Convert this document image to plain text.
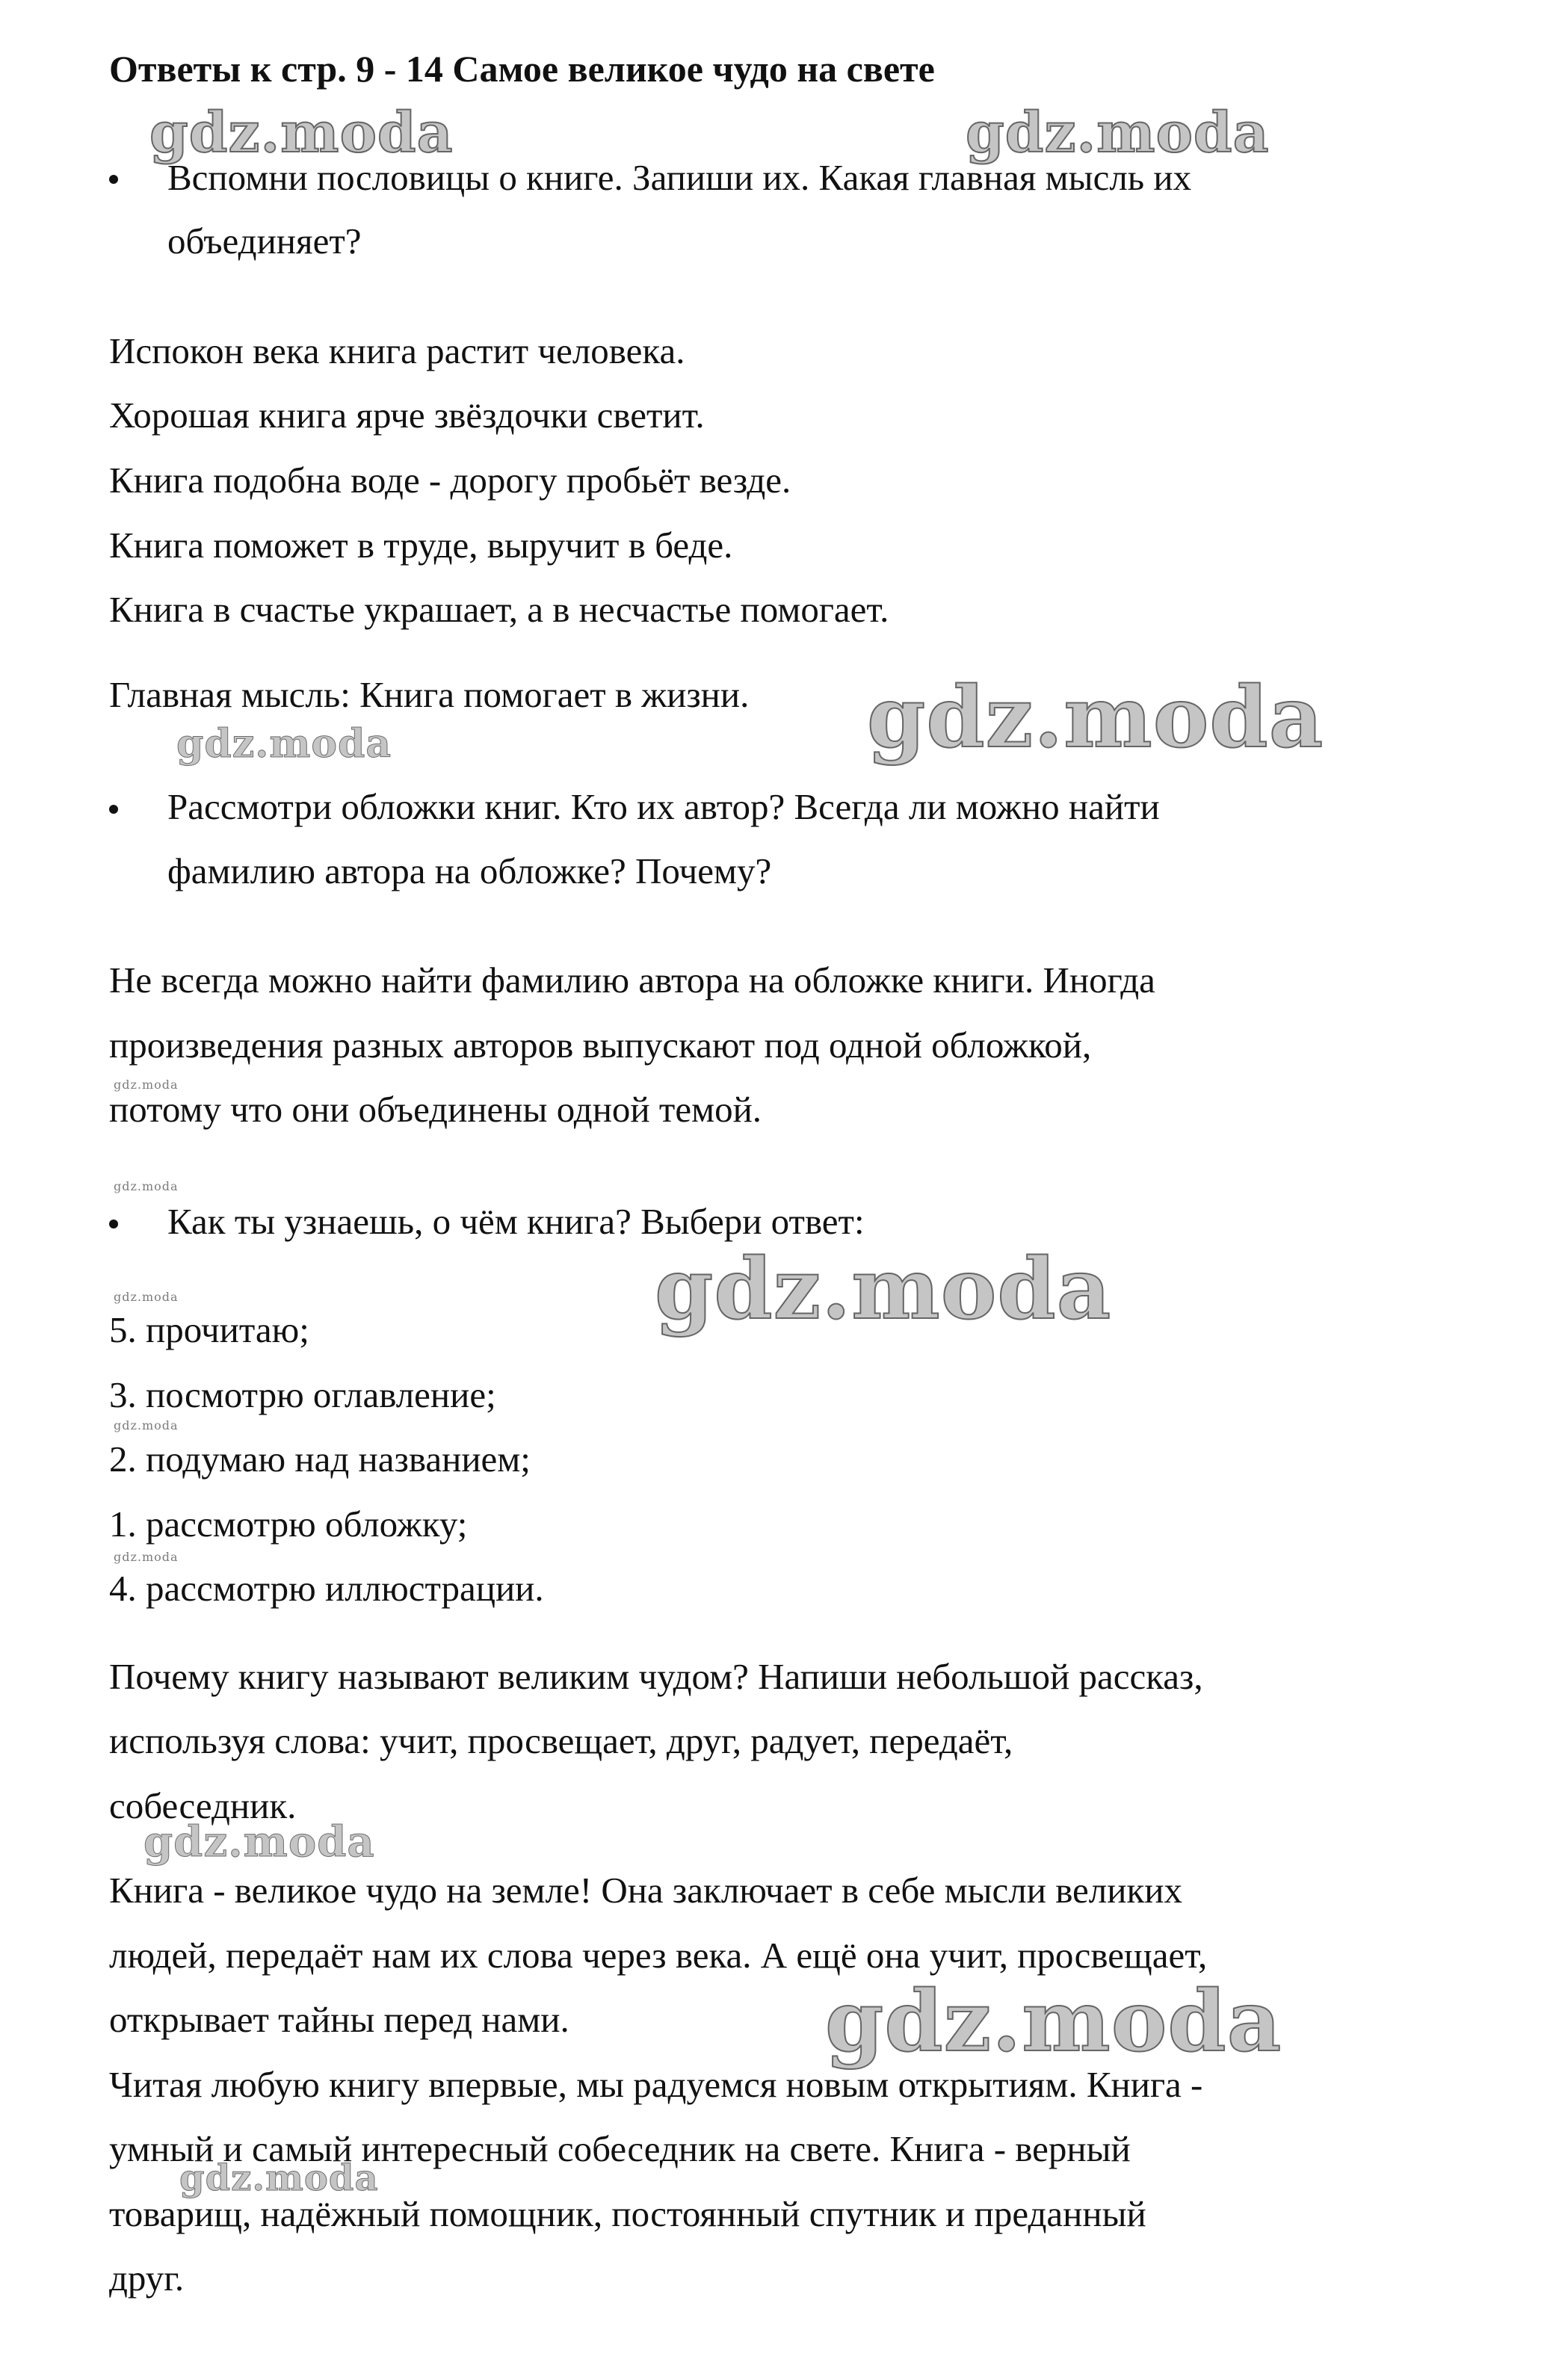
Ответы к стр. 9 - 14 Самое великое чудо на свете
Вспомни пословицы о книге. Запиши их. Какая главная мысль их
объединяет?
Испокон века книга растит человека.
Хорошая книга ярче звёздочки светит.
Книга подобна воде - дорогу пробьёт везде.
Книга поможет в труде, выручит в беде.
Книга в счастье украшает, а в несчастье помогает.
Главная мысль: Книга помогает в жизни.
Рассмотри обложки книг. Кто их автор? Всегда ли можно найти
фамилию автора на обложке? Почему?
Не всегда можно найти фамилию автора на обложке книги. Иногда
произведения разных авторов выпускают под одной обложкой,
потому что они объединены одной темой.
Как ты узнаешь, о чём книга? Выбери ответ:
5. прочитаю;
3. посмотрю оглавление;
2. подумаю над названием;
1. рассмотрю обложку;
4. рассмотрю иллюстрации.
Почему книгу называют великим чудом? Напиши небольшой рассказ,
используя слова: учит, просвещает, друг, радует, передаёт,
собеседник.
Книга - великое чудо на земле! Она заключает в себе мысли великих
людей, передаёт нам их слова через века. А ещё она учит, просвещает,
открывает тайны перед нами.
Читая любую книгу впервые, мы радуемся новым открытиям. Книга -
умный и самый интересный собеседник на свете. Книга - верный
товарищ, надёжный помощник, постоянный спутник и преданный
друг.
gdz.moda	gdz.moda
gdz.moda
gdz.moda
gdz.moda
gdz.moda
gdz.moda
gdz.moda
gdz.moda
gdz.moda
gdz.moda
gdz.moda
gdz.moda
